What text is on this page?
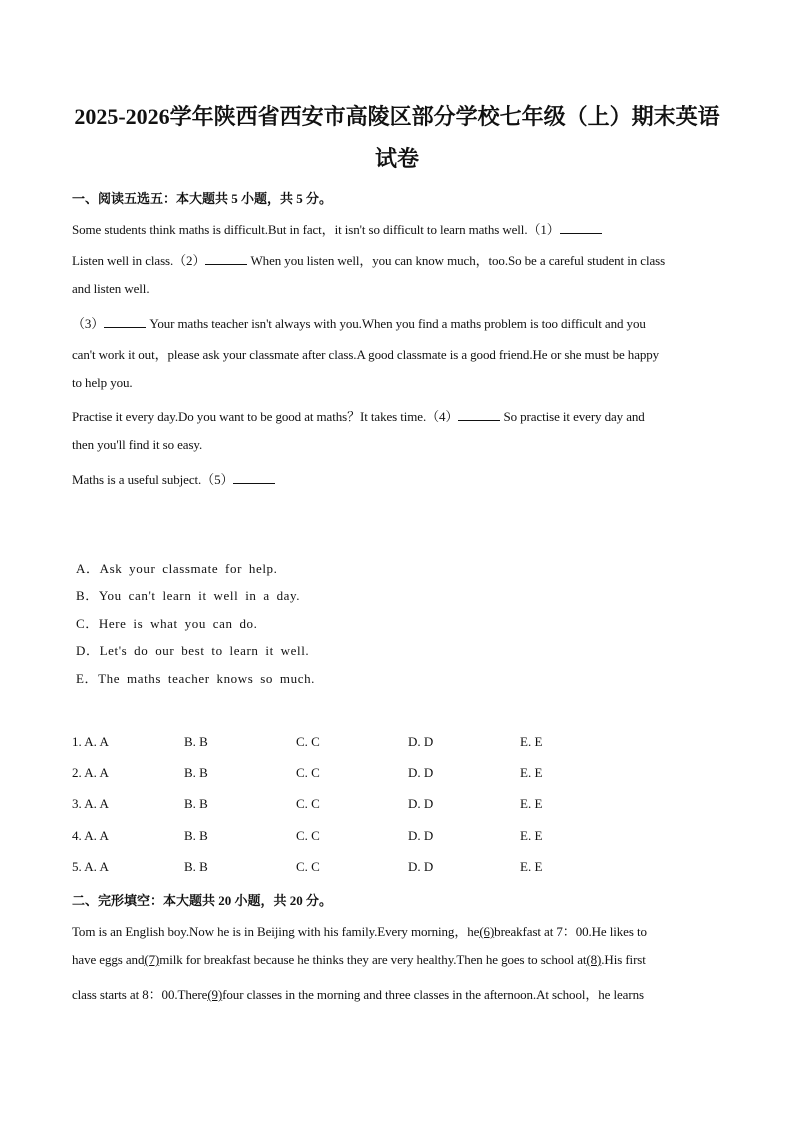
2025-2026学年陕西省西安市高陵区部分学校七年级（上）期末英语
试卷
一、阅读五选五：本大题共 5 小题，共 5 分。
Some students think maths is difficult.But in fact，it isn't so difficult to learn maths well.（1）
Listen well in class.（2）	When you listen well，you can know much，too.So be a careful student in class
and listen well.
（3）	Your maths teacher isn't always with you.When you find a maths problem is too difficult and you
can't work it out，please ask your classmate after class.A good classmate is a good friend.He or she must be happy
to help you.
Practise it every day.Do you want to be good at maths？It takes time.（4）	So practise it every day and
then you'll find it so easy.
Maths is a useful subject.（5）
A．Ask your classmate for help.
B．You can't learn it well in a day.
C．Here is what you can do.
D．Let's do our best to learn it well.
E．The maths teacher knows so much.
1. A. A	B. B	C. C	D. D	E. E
2. A. A	B. B	C. C	D. D	E. E
3. A. A	B. B	C. C	D. D	E. E
4. A. A	B. B	C. C	D. D	E. E
5. A. A	B. B	C. C	D. D	E. E
二、完形填空：本大题共 20 小题，共 20 分。
Tom is an English boy.Now he is in Beijing with his family.Every morning，he(6)breakfast at 7：00.He likes to
have eggs and(7)milk for breakfast because he thinks they are very healthy.Then he goes to school at(8).His first
class starts at 8：00.There(9)four classes in the morning and three classes in the afternoon.At school，he learns
